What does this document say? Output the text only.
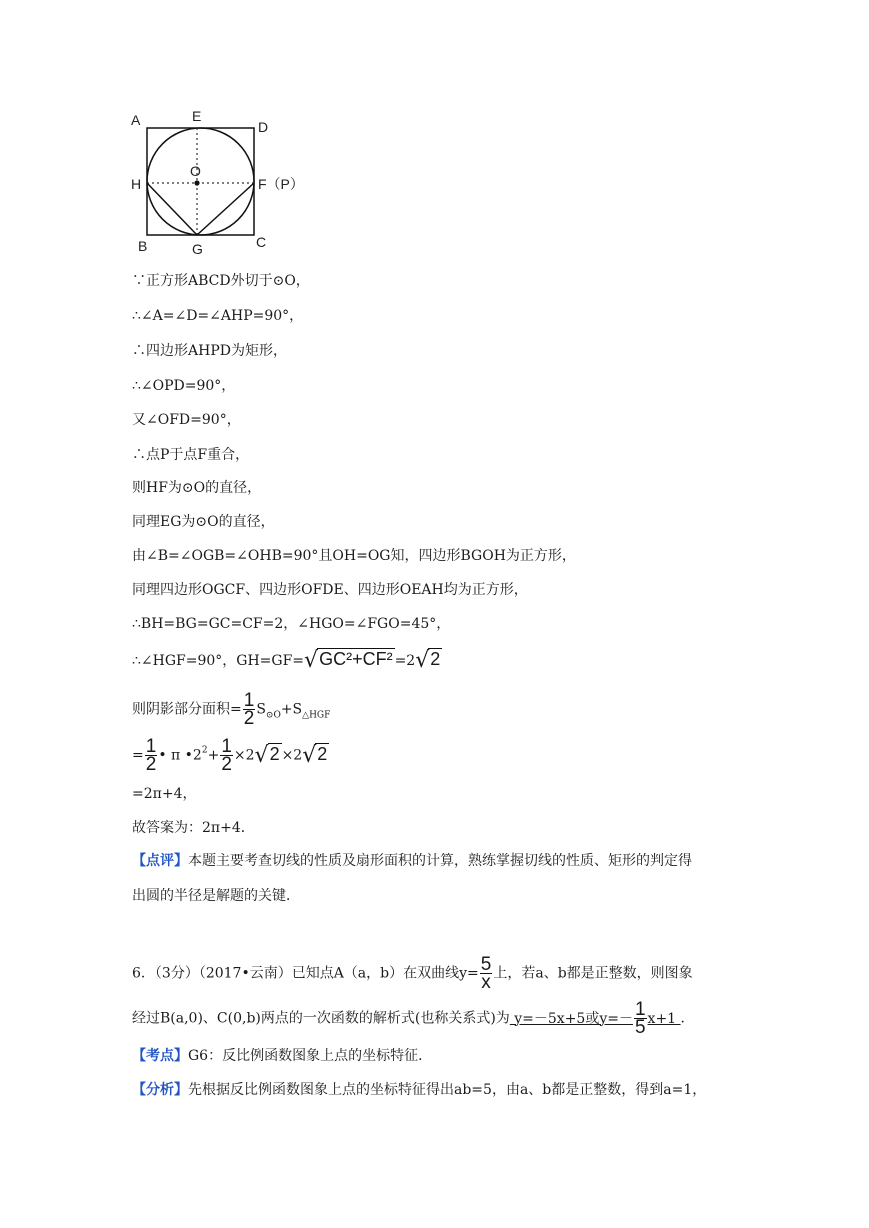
A	E
D
O
H	F（P）
B	G	C
∵正方形ABCD外切于⊙O，
∴∠A=∠D=∠AHP=90°，
∴四边形AHPD为矩形，
∴∠OPD=90°，
又∠OFD=90°，
∴点P于点F重合，
则HF为⊙O的直径，
同理EG为⊙O的直径，
由∠B=∠OGB=∠OHB=90°且OH=OG知，四边形BGOH为正方形，
同理四边形OGCF、四边形OFDE、四边形OEAH均为正方形，
∴BH=BG=GC=CF=2，∠HGO=∠FGO=45°，
∴∠HGF=90°，GH=GF=√GC²+CF² =2√2
则阴影部分面积= $\frac{1}{2} S_{⊙O}+S_{\triangle HGF}$
= $\frac{1}{2}$ • π $•2^2+ \frac{1}{2} \times 2√2 \times 2√2$
=2π+4，
故答案为：2π+4．
【点评】本题主要考查切线的性质及扇形面积的计算，熟练掌握切线的性质、矩形的判定得
出圆的半径是解题的关键．
6．（3分）（2017•云南）已知点A（a，b）在双曲线$y= \frac{5}{x}$ 上，若a、b都是正整数，则图象
经过B(a,0)、C(0,b)两点的一次函数的解析式(也称关系式)为 y=－5x+5或$y=- \frac{1}{5} x+1$ ．
【考点】G6：反比例函数图象上点的坐标特征．
【分析】先根据反比例函数图象上点的坐标特征得出ab=5，由a、b都是正整数，得到a=1，
